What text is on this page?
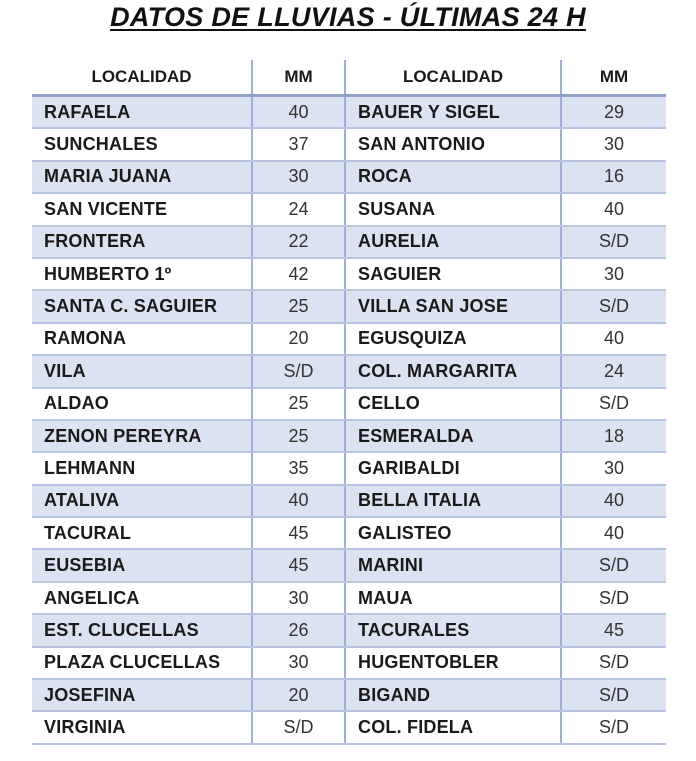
DATOS DE LLUVIAS - ÚLTIMAS 24 H
LOCALIDAD	MM	LOCALIDAD	MM
RAFAELA	40	BAUER Y SIGEL	29
SUNCHALES	37	SAN ANTONIO	30
MARIA JUANA	30	ROCA	16
SAN VICENTE	24	SUSANA	40
FRONTERA	22	AURELIA	S/D
HUMBERTO 1º	42	SAGUIER	30
SANTA C. SAGUIER	25	VILLA SAN JOSE	S/D
RAMONA	20	EGUSQUIZA	40
VILA	S/D	COL. MARGARITA	24
ALDAO	25	CELLO	S/D
ZENON PEREYRA	25	ESMERALDA	18
LEHMANN	35	GARIBALDI	30
ATALIVA	40	BELLA ITALIA	40
TACURAL	45	GALISTEO	40
EUSEBIA	45	MARINI	S/D
ANGELICA	30	MAUA	S/D
EST. CLUCELLAS	26	TACURALES	45
PLAZA CLUCELLAS	30	HUGENTOBLER	S/D
JOSEFINA	20	BIGAND	S/D
VIRGINIA	S/D	COL. FIDELA	S/D
